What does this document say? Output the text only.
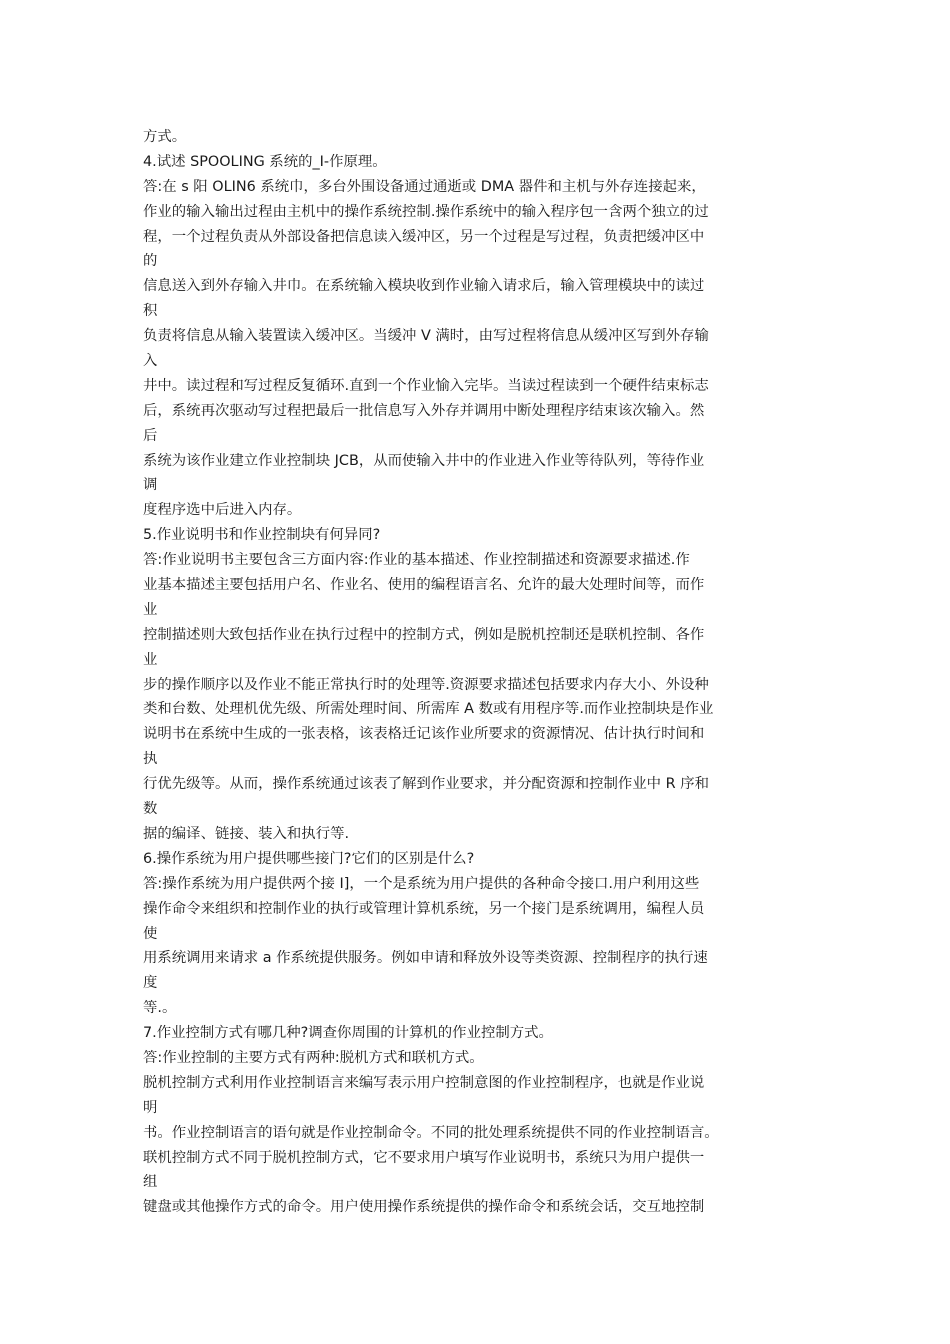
方式。
4.试述 SPOOLING 系统的_I-作原理。
答:在 s 阳 OLIN6 系统巾，多台外围设备通过通逝或 DMA 器件和主机与外存连接起来，
作业的输入输出过程由主机中的操作系统控制.操作系统中的输入程序包一含两个独立的过
程，一个过程负责从外部设备把信息读入缓冲区，另一个过程是写过程，负责把缓冲区中
的
信息送入到外存输入井巾。在系统输入模块收到作业输入请求后，输入管理模块中的读过
积
负责将信息从输入装置读入缓冲区。当缓冲 V 满时，由写过程将信息从缓冲区写到外存输
入
井中。读过程和写过程反复循环.直到一个作业愉入完毕。当读过程读到一个硬件结束标志
后，系统再次驱动写过程把最后一批信息写入外存并调用中断处理程序结束该次输入。然
后
系统为该作业建立作业控制块 JCB，从而使输入井中的作业进入作业等待队列，等待作业
调
度程序选中后进入内存。
5.作业说明书和作业控制块有何异同?
答:作业说明书主要包含三方面内容:作业的基本描述、作业控制描述和资源要求描述.作
业基本描述主要包括用户名、作业名、使用的编程语言名、允许的最大处理时间等，而作
业
控制描述则大致包括作业在执行过程中的控制方式，例如是脱机控制还是联机控制、各作
业
步的操作顺序以及作业不能正常执行时的处理等.资源要求描述包括要求内存大小、外设种
类和台数、处理机优先级、所需处理时间、所需库 A 数或有用程序等.而作业控制块是作业
说明书在系统中生成的一张表格，该表格迁记该作业所要求的资源情况、估计执行时间和
执
行优先级等。从而，操作系统通过该表了解到作业要求，并分配资源和控制作业中 R 序和
数
据的编译、链接、装入和执行等.
6.操作系统为用户提供哪些接门?它们的区别是什么?
答:操作系统为用户提供两个接 I]，一个是系统为用户提供的各种命令接口.用户利用这些
操作命令来组织和控制作业的执行或管理计算机系统，另一个接门是系统调用，编程人员
使
用系统调用来请求 a 作系统提供服务。例如申请和释放外设等类资源、控制程序的执行速
度
等.。
7.作业控制方式有哪几种?调查你周围的计算机的作业控制方式。
答:作业控制的主要方式有两种:脱机方式和联机方式。
脱机控制方式利用作业控制语言来编写表示用户控制意图的作业控制程序，也就是作业说
明
书。作业控制语言的语句就是作业控制命令。不同的批处理系统提供不同的作业控制语言。
联机控制方式不同于脱机控制方式，它不要求用户填写作业说明书，系统只为用户提供一
组
键盘或其他操作方式的命令。用户使用操作系统提供的操作命令和系统会话，交互地控制
